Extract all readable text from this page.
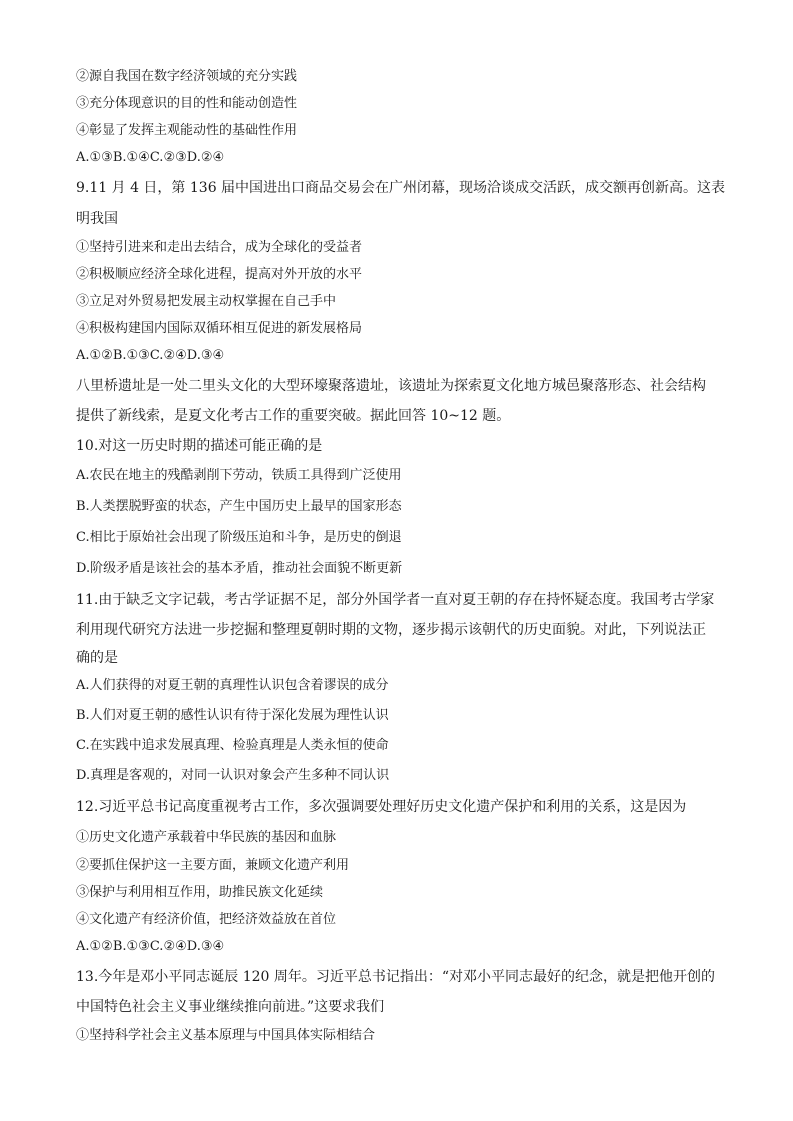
②源自我国在数字经济领域的充分实践
③充分体现意识的目的性和能动创造性
④彰显了发挥主观能动性的基础性作用
A.①③B.①④C.②③D.②④
9.11 月 4 日，第 136 届中国进出口商品交易会在广州闭幕，现场洽谈成交活跃，成交额再创新高。这表
明我国
①坚持引进来和走出去结合，成为全球化的受益者
②积极顺应经济全球化进程，提高对外开放的水平
③立足对外贸易把发展主动权掌握在自己手中
④积极构建国内国际双循环相互促进的新发展格局
A.①②B.①③C.②④D.③④
八里桥遗址是一处二里头文化的大型环壕聚落遗址，该遗址为探索夏文化地方城邑聚落形态、社会结构
提供了新线索，是夏文化考古工作的重要突破。据此回答 10~12 题。
10.对这一历史时期的描述可能正确的是
A.农民在地主的残酷剥削下劳动，铁质工具得到广泛使用
B.人类摆脱野蛮的状态，产生中国历史上最早的国家形态
C.相比于原始社会出现了阶级压迫和斗争，是历史的倒退
D.阶级矛盾是该社会的基本矛盾，推动社会面貌不断更新
11.由于缺乏文字记载，考古学证据不足，部分外国学者一直对夏王朝的存在持怀疑态度。我国考古学家
利用现代研究方法进一步挖掘和整理夏朝时期的文物，逐步揭示该朝代的历史面貌。对此，下列说法正
确的是
A.人们获得的对夏王朝的真理性认识包含着谬误的成分
B.人们对夏王朝的感性认识有待于深化发展为理性认识
C.在实践中追求发展真理、检验真理是人类永恒的使命
D.真理是客观的，对同一认识对象会产生多种不同认识
12.习近平总书记高度重视考古工作，多次强调要处理好历史文化遗产保护和利用的关系，这是因为
①历史文化遗产承载着中华民族的基因和血脉
②要抓住保护这一主要方面，兼顾文化遗产利用
③保护与利用相互作用，助推民族文化延续
④文化遗产有经济价值，把经济效益放在首位
A.①②B.①③C.②④D.③④
13.今年是邓小平同志诞辰 120 周年。习近平总书记指出：“对邓小平同志最好的纪念，就是把他开创的
中国特色社会主义事业继续推向前进。”这要求我们
①坚持科学社会主义基本原理与中国具体实际相结合
